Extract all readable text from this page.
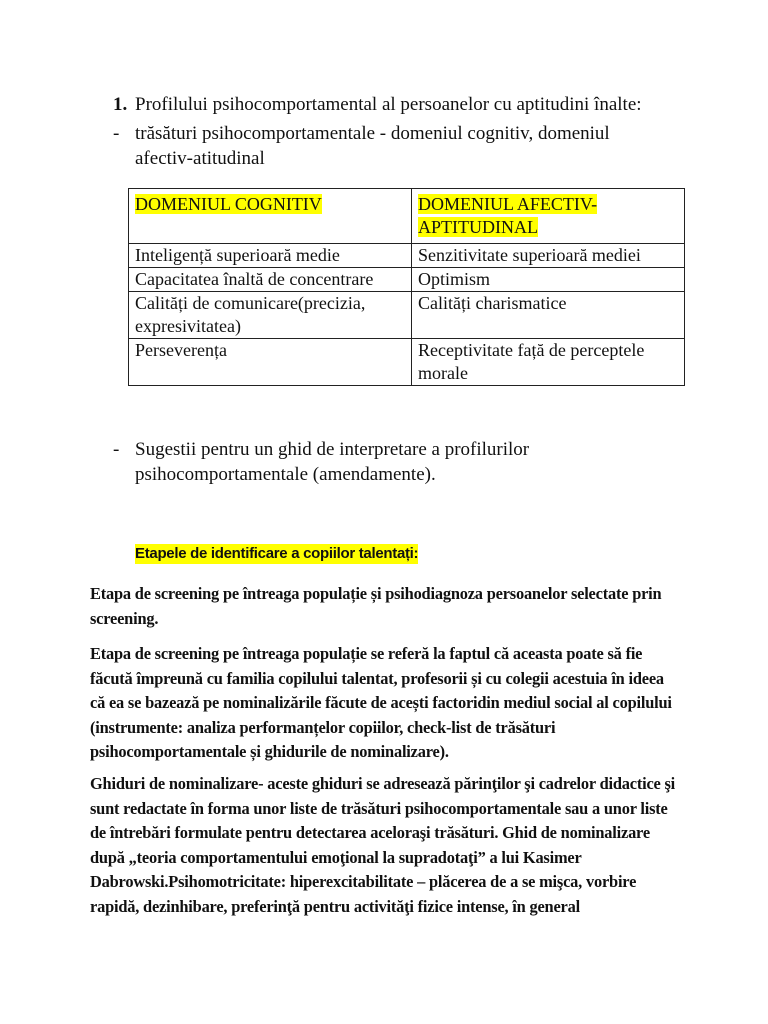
1. Profilului psihocomportamental al persoanelor cu aptitudini înalte:
- trăsături psihocomportamentale - domeniul cognitiv, domeniul afectiv-atitudinal
DOMENIUL COGNITIV	DOMENIUL AFECTIV-APTITUDINAL
Inteligență superioară medie	Senzitivitate superioară mediei
Capacitatea înaltă de concentrare	Optimism
Calități de comunicare(precizia, expresivitatea)	Calități charismatice
Perseverența	Receptivitate față de perceptele morale
- Sugestii pentru un ghid de interpretare a profilurilor psihocomportamentale (amendamente).
Etapele de identificare a copiilor talentați:

Etapa de screening pe întreaga populație și psihodiagnoza persoanelor selectate prin screening.

Etapa de screening pe întreaga populație se referă la faptul că aceasta poate să fie făcută împreună cu familia copilului talentat, profesorii și cu colegii acestuia în ideea că ea se bazează pe nominalizările făcute de acești factoridin mediul social al copilului (instrumente: analiza performanțelor copiilor, check-list de trăsături psihocomportamentale și ghidurile de nominalizare).

Ghiduri de nominalizare- aceste ghiduri se adresează părinţilor şi cadrelor didactice şi sunt redactate în forma unor liste de trăsături psihocomportamentale sau a unor liste de întrebări formulate pentru detectarea aceloraşi trăsături. Ghid de nominalizare după „teoria comportamentului emoţional la supradotaţi” a lui Kasimer Dabrowski.Psihomotricitate: hiperexcitabilitate – plăcerea de a se mişca, vorbire rapidă, dezinhibare, preferinţă pentru activităţi fizice intense, în general
